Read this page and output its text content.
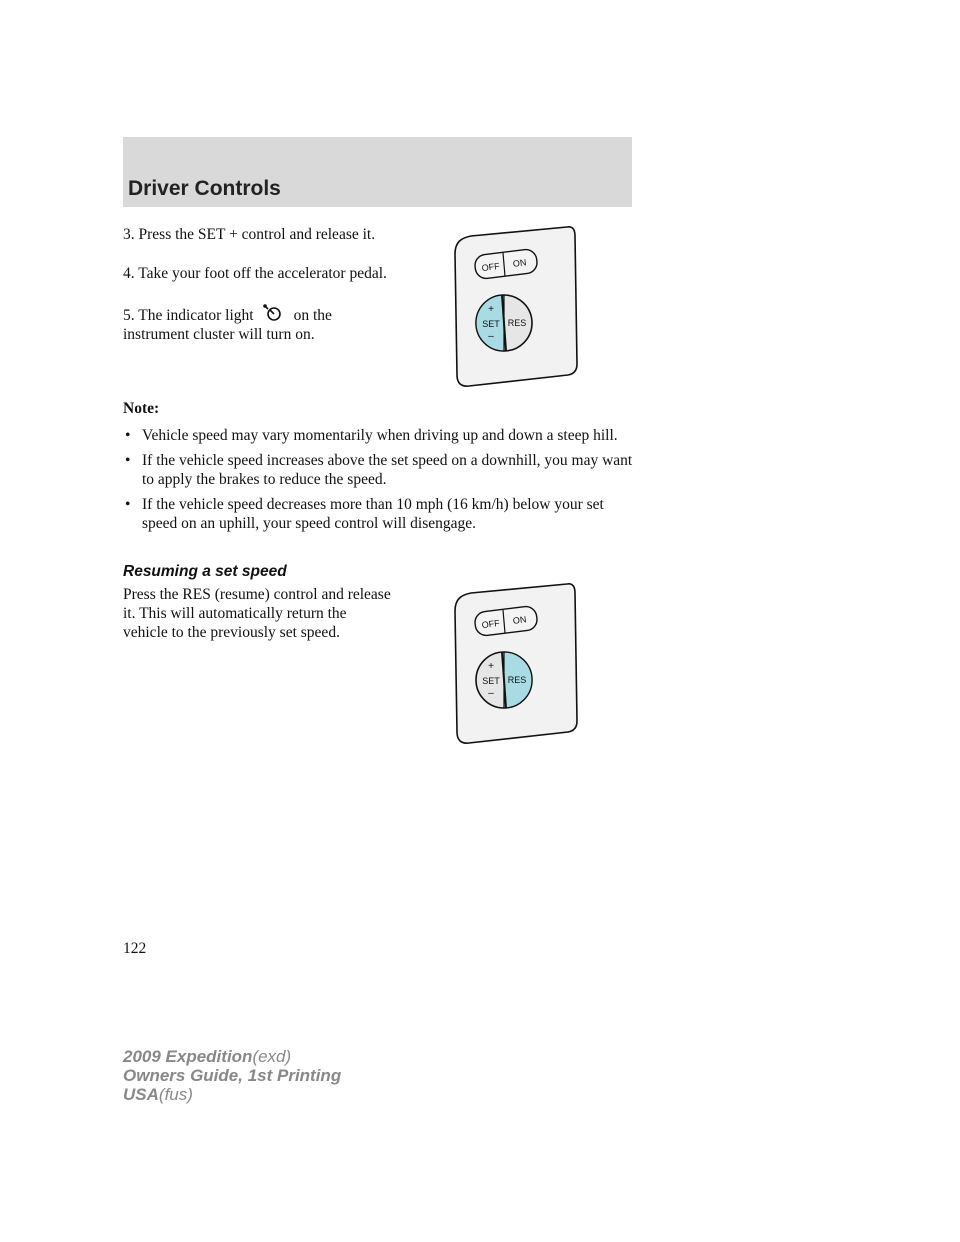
Driver Controls

3. Press the SET + control and release it.

4. Take your foot off the accelerator pedal.

5. The indicator light	on the instrument cluster will turn on.

OFF ON
+
SET
–
RES

Note:

• Vehicle speed may vary momentarily when driving up and down a steep hill.
• If the vehicle speed increases above the set speed on a downhill, you may want to apply the brakes to reduce the speed.
• If the vehicle speed decreases more than 10 mph (16 km/h) below your set speed on an uphill, your speed control will disengage.
Resuming a set speed

Press the RES (resume) control and release it. This will automatically return the vehicle to the previously set speed.	OFF ON
+
SET
–
RES

122

2009 Expedition(exd)
Owners Guide, 1st Printing
USA(fus)
